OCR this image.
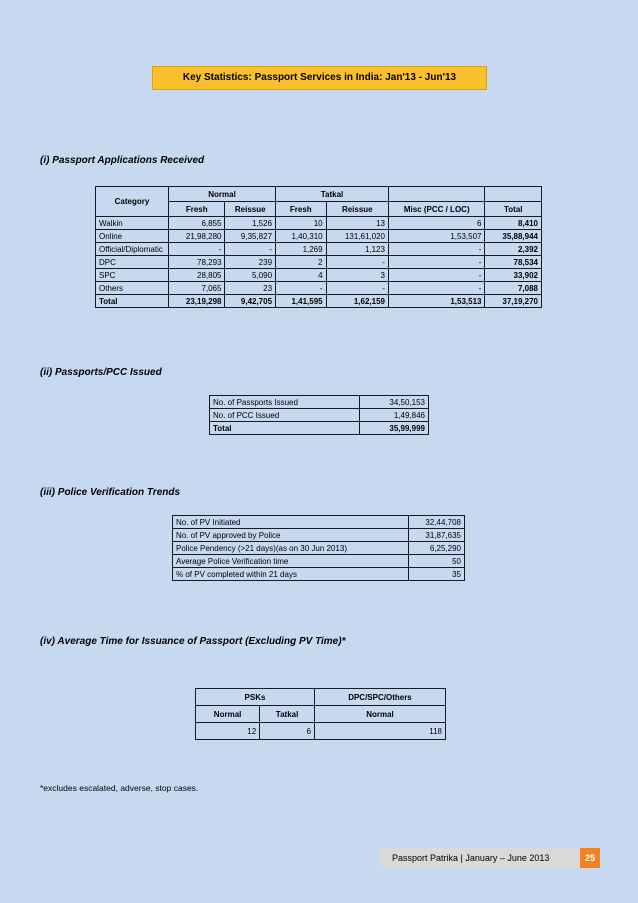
Key Statistics: Passport Services in India: Jan'13 - Jun'13
(i) Passport Applications Received
Category	Normal		Tatkal			
	Fresh	Reissue	Fresh	Reissue	Misc (PCC / LOC)	Total
Walkin	6,855	1,526	10	13	6	8,410
Online	21,98,280	9,35,827	1,40,310	131,61,020	1,53,507	35,88,944
Official/Diplomatic	-	-	1,269	1,123	-	2,392
DPC	78,293	239	2	-	-	78,534
SPC	28,805	5,090	4	3	-	33,902
Others	7,065	23	-	-	-	7,088
Total	23,19,298	9,42,705	1,41,595	1,62,159	1,53,513	37,19,270
(ii) Passports/PCC Issued
No. of Passports Issued	34,50,153
No. of PCC Issued	1,49,846
Total	35,99,999
(iii) Police Verification Trends
No. of PV Initiated	32,44,708
No. of PV approved by Police	31,87,635
Police Pendency (>21 days)(as on 30 Jun 2013)	6,25,290
Average Police Verification time	50
% of PV completed within 21 days	35
(iv) Average Time for Issuance of Passport (Excluding PV Time)*
PSKs		DPC/SPC/Others
Normal	Tatkal	Normal
12	6	118
*excludes escalated, adverse, stop cases.
Passport Patrika | January – June 2013	25
